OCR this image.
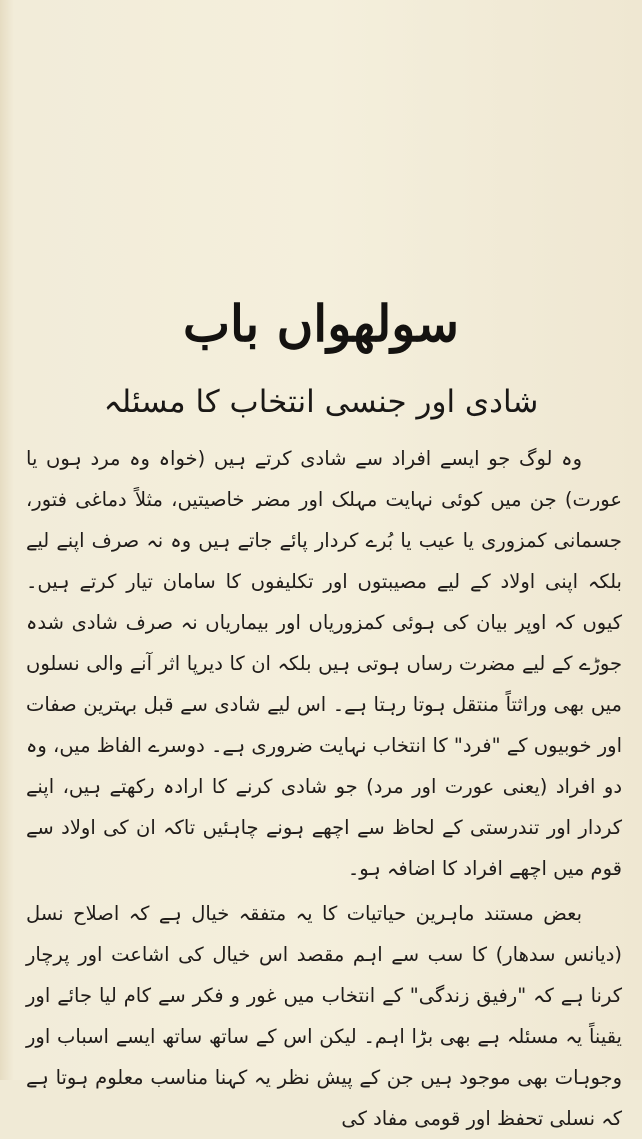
سولھواں باب
شادی اور جنسی انتخاب کا مسئلہ

وہ لوگ جو ایسے افراد سے شادی کرتے ہیں (خواہ وہ مرد ہوں یا عورت) جن میں کوئی نہایت مہلک اور مضر خاصیتیں، مثلاً دماغی فتور، جسمانی کمزوری یا عیب یا بُرے کردار پائے جاتے ہیں وہ نہ صرف اپنے لیے بلکہ اپنی اولاد کے لیے مصیبتوں اور تکلیفوں کا سامان تیار کرتے ہیں۔ کیوں کہ اوپر بیان کی ہوئی کمزوریاں اور بیماریاں نہ صرف شادی شدہ جوڑے کے لیے مضرت رساں ہوتی ہیں بلکہ ان کا دیرپا اثر آنے والی نسلوں میں بھی وراثتاً منتقل ہوتا رہتا ہے۔ اس لیے شادی سے قبل بہترین صفات اور خوبیوں کے "فرد" کا انتخاب نہایت ضروری ہے۔ دوسرے الفاظ میں، وہ دو افراد (یعنی عورت اور مرد) جو شادی کرنے کا ارادہ رکھتے ہیں، اپنے کردار اور تندرستی کے لحاظ سے اچھے ہونے چاہئیں تاکہ ان کی اولاد سے قوم میں اچھے افراد کا اضافہ ہو۔

بعض مستند ماہرین حیاتیات کا یہ متفقہ خیال ہے کہ اصلاح نسل (دیانس سدھار) کا سب سے اہم مقصد اس خیال کی اشاعت اور پرچار کرنا ہے کہ "رفیق زندگی" کے انتخاب میں غور و فکر سے کام لیا جائے اور یقیناً یہ مسئلہ ہے بھی بڑا اہم۔ لیکن اس کے ساتھ ساتھ ایسے اسباب اور وجوہات بھی موجود ہیں جن کے پیش نظر یہ کہنا مناسب معلوم ہوتا ہے کہ نسلی تحفظ اور قومی مفاد کی
